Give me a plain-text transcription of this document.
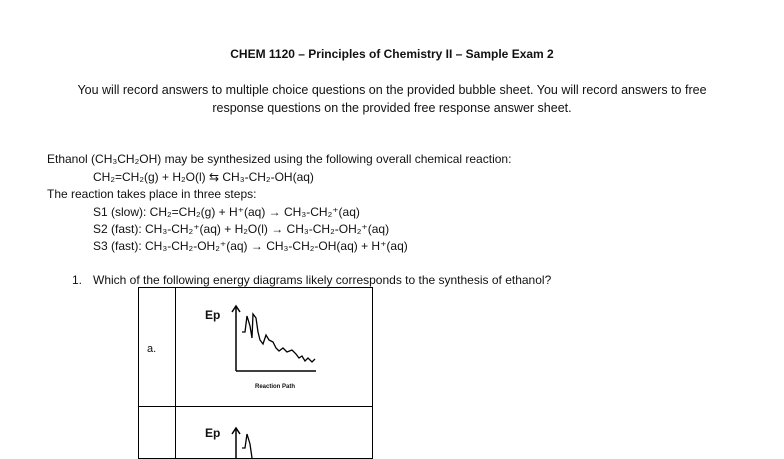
CHEM 1120 – Principles of Chemistry II – Sample Exam 2
You will record answers to multiple choice questions on the provided bubble sheet. You will record answers to free
response questions on the provided free response answer sheet.
Ethanol (CH₃CH₂OH) may be synthesized using the following overall chemical reaction:
CH₂=CH₂(g) + H₂O(l) ⇆ CH₃-CH₂-OH(aq)
The reaction takes place in three steps:
S1 (slow): CH₂=CH₂(g) + H⁺(aq) → CH₃-CH₂⁺(aq)
S2 (fast): CH₃-CH₂⁺(aq) + H₂O(l) → CH₃-CH₂-OH₂⁺(aq)
S3 (fast): CH₃-CH₂-OH₂⁺(aq) → CH₃-CH₂-OH(aq) + H⁺(aq)
1. Which of the following energy diagrams likely corresponds to the synthesis of ethanol?
a.
Ep
Reaction Path
Ep
